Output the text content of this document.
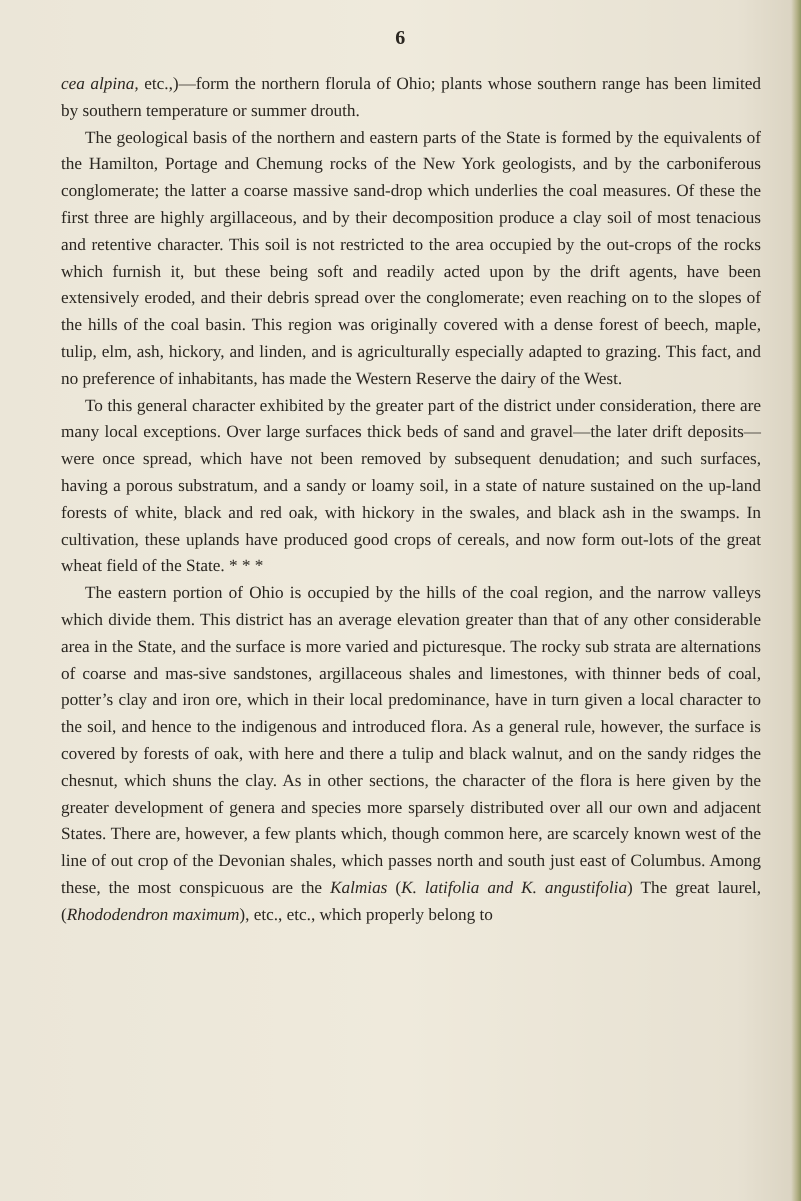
6

cea alpina, etc.,)—form the northern florula of Ohio; plants whose southern range has been limited by southern temperature or summer drouth.

The geological basis of the northern and eastern parts of the State is formed by the equivalents of the Hamilton, Portage and Chemung rocks of the New York geologists, and by the carboniferous conglomerate; the latter a coarse massive sand-drop which underlies the coal measures. Of these the first three are highly argillaceous, and by their decomposition produce a clay soil of most tenacious and retentive character. This soil is not restricted to the area occupied by the out-crops of the rocks which furnish it, but these being soft and readily acted upon by the drift agents, have been extensively eroded, and their debris spread over the conglomerate; even reaching on to the slopes of the hills of the coal basin. This region was originally covered with a dense forest of beech, maple, tulip, elm, ash, hickory, and linden, and is agriculturally especially adapted to grazing. This fact, and no preference of inhabitants, has made the Western Reserve the dairy of the West.

To this general character exhibited by the greater part of the district under consideration, there are many local exceptions. Over large surfaces thick beds of sand and gravel—the later drift deposits—were once spread, which have not been removed by subsequent denudation; and such surfaces, having a porous substratum, and a sandy or loamy soil, in a state of nature sustained on the up-land forests of white, black and red oak, with hickory in the swales, and black ash in the swamps. In cultivation, these uplands have produced good crops of cereals, and now form out-lots of the great wheat field of the State. * * *

The eastern portion of Ohio is occupied by the hills of the coal region, and the narrow valleys which divide them. This district has an average elevation greater than that of any other considerable area in the State, and the surface is more varied and picturesque. The rocky sub strata are alternations of coarse and mas-sive sandstones, argillaceous shales and limestones, with thinner beds of coal, potter’s clay and iron ore, which in their local predominance, have in turn given a local character to the soil, and hence to the indigenous and introduced flora. As a general rule, however, the surface is covered by forests of oak, with here and there a tulip and black walnut, and on the sandy ridges the chesnut, which shuns the clay. As in other sections, the character of the flora is here given by the greater development of genera and species more sparsely distributed over all our own and adjacent States. There are, however, a few plants which, though common here, are scarcely known west of the line of out crop of the Devonian shales, which passes north and south just east of Columbus. Among these, the most conspicuous are the Kalmias (K. latifolia and K. angustifolia) The great laurel, (Rhododendron maximum), etc., etc., which properly belong to
